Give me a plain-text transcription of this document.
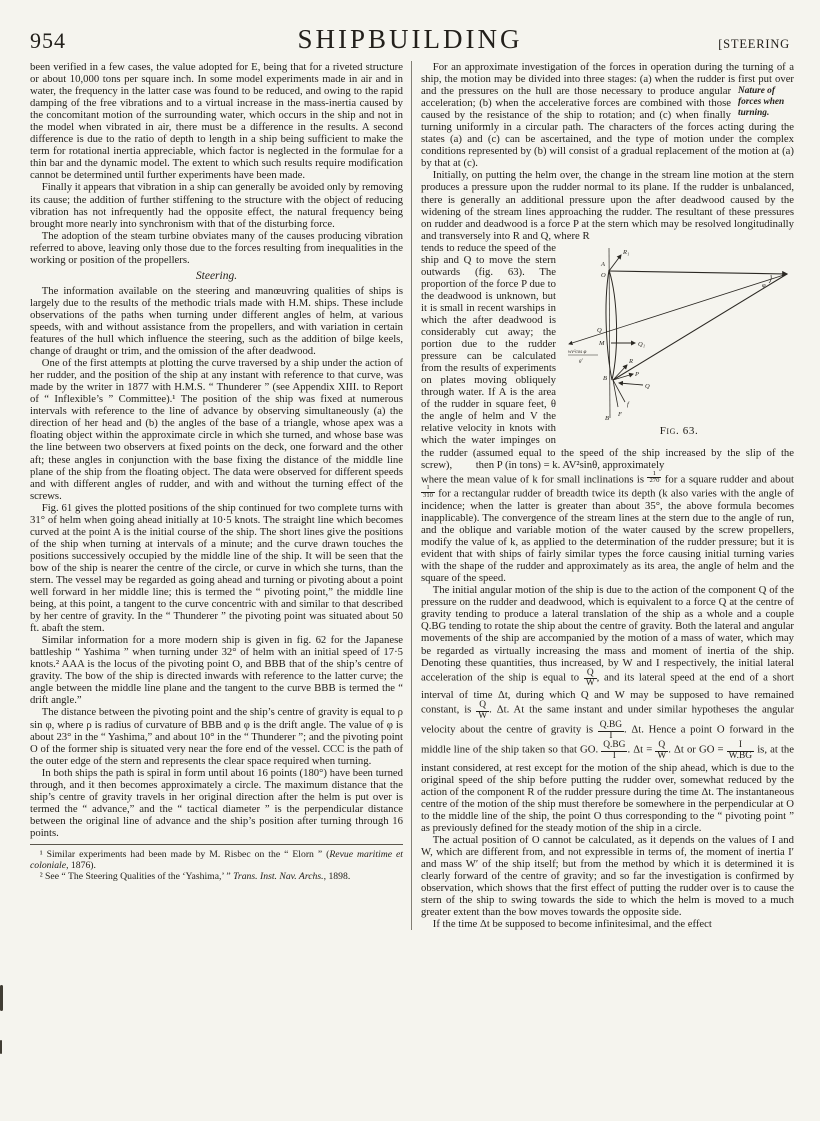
954	SHIPBUILDING	[STEERING

been verified in a few cases, the value adopted for E, being that for a riveted structure or about 10,000 tons per square inch. In some model experiments made in air and in water, the frequency in the latter case was found to be reduced, and owing to the rapid damping of the free vibrations and to a virtual increase in the mass-inertia caused by the concomitant motion of the surrounding water, which occurs in the ship and not in the model when vibrated in air, there must be a difference in the results. A second difference is due to the ratio of depth to length in a ship being sufficient to make the term for rotational inertia appreciable, which factor is neglected in the formulae for a thin bar and the dynamic model. The extent to which such results require modification cannot be determined until further experiments have been made.

Finally it appears that vibration in a ship can generally be avoided only by removing its cause; the addition of further stiffening to the structure with the object of reducing vibration has not infrequently had the opposite effect, the natural frequency being brought more nearly into synchronism with that of the disturbing force.

The adoption of the steam turbine obviates many of the causes producing vibration referred to above, leaving only those due to the forces resulting from inequalities in the working or position of the propellers.

Steering.

The information available on the steering and manœuvring qualities of ships is largely due to the results of the methodic trials made with H.M. ships. These include observations of the paths when turning under different angles of helm, at various speeds, with and without assistance from the propellers, and with variation in certain features of the hull which influence the steering, such as the addition of bilge keels, change of draught or trim, and the omission of the after deadwood.

One of the first attempts at plotting the curve traversed by a ship under the action of her rudder, and the position of the ship at any instant with reference to that curve, was made by the writer in 1877 with H.M.S. “ Thunderer ” (see Appendix XIII. to Report of “ Inflexible’s ” Committee).¹ The position of the ship was fixed at numerous intervals with reference to the line of advance by observing simultaneously (a) the direction of her head and (b) the angles of the base of a triangle, whose apex was a floating object within the approximate circle in which she turned, and whose base was the line between two observers at fixed points on the deck, one forward and the other aft; these angles in conjunction with the base fixing the distance of the middle line plane of the ship from the floating object. The data were observed for different speeds and with different angles of rudder, and with and without the turning effect of the screws.

Fig. 61 gives the plotted positions of the ship continued for two complete turns with 31° of helm when going ahead initially at 10·5 knots. The straight line which becomes curved at the point A is the initial course of the ship. The short lines give the positions of the ship when turning at intervals of a minute; and the curve drawn touches the positions successively occupied by the middle line of the ship. It will be seen that the bow of the ship is nearer the centre of the circle, or curve in which she turns, than the stern. The vessel may be regarded as going ahead and turning or pivoting about a point well forward in her middle line; this is termed the “ pivoting point,” the middle line being, at this point, a tangent to the curve concentric with and similar to that described by her centre of gravity. In the “ Thunderer ” the pivoting point was situated about 50 ft. abaft the stem.

Similar information for a more modern ship is given in fig. 62 for the Japanese battleship “ Yashima ” when turning under 32° of helm with an initial speed of 17·5 knots.² AAA is the locus of the pivoting point O, and BBB that of the ship’s centre of gravity. The bow of the ship is directed inwards with reference to the latter curve; the angle between the middle line plane and the tangent to the curve BBB is termed the “ drift angle.”

The distance between the pivoting point and the ship’s centre of gravity is equal to ρ sin φ, where ρ is radius of curvature of BBB and φ is the drift angle. The value of φ is about 23° in the “ Yashima,” and about 10° in the “ Thunderer ”; and the pivoting point O of the former ship is situated very near the fore end of the vessel. CCC is the path of the outer edge of the stern and represents the clear space required when turning.

In both ships the path is spiral in form until about 16 points (180°) have been turned through, and it then becomes approximately a circle. The maximum distance that the ship’s centre of gravity travels in her original direction after the helm is put over is termed the “ advance,” and the “ tactical diameter ” is the perpendicular distance between the original line of advance and the ship’s position after turning through 16 points.

¹ Similar experiments had been made by M. Risbec on the “ Elorn ” (Revue maritime et coloniale, 1876).

² See “ The Steering Qualities of the ‘Yashima,’ ” Trans. Inst. Nav. Archs., 1898.

For an approximate investigation of the forces in operation during the turning of a ship, the motion may be divided into three stages: (a) when the rudder is first put over and the pressures	Nature of forces when turning.
on the hull are those necessary to produce angular acceleration; (b) when the accelerative forces are combined with those caused by the resistance of the ship to rotation; and (c) when finally turning uniformly in a circular path. The characters of the forces acting during the states (a) and (c) can be ascertained, and the type of motion under the complex conditions represented by (b) will consist of a gradual replacement of the motion at (a) by that at (c).

Initially, on putting the helm over, the change in the stream line motion at the stern produces a pressure upon the rudder normal to its plane. If the rudder is unbalanced, there is generally an additional pressure upon the after deadwood caused by the widening of the stream lines approaching the rudder. The resultant of these pressures on rudder and deadwood is a force P at the stern which may be resolved longitudinally and transversely into R and Q, where R

wv²cos φ
g′
R₁
A
O
Q
M	Q₁
R
P
Q
B
f
F
B
φ
Fig. 63.

tends to reduce the speed of the ship and Q to move the stern outwards (fig. 63). The proportion of the force P due to the deadwood is unknown, but it is small in recent warships in which the after deadwood is considerably cut away; the portion due to the rudder pressure can be calculated from the results of experiments on plates moving obliquely through water. If A is the area of the rudder in square feet, θ the angle of helm and V the relative velocity in knots with which the water impinges on the rudder (assumed equal to the speed of the ship increased by the slip of the screw), then P (in tons) = k. AV²sinθ, approximately

where the mean value of k for small inclinations is $\frac{1}{270}$ for a square rudder and about
$\frac{1}{310}$ for a rectangular rudder of breadth twice its depth (k also varies with the angle of incidence; when the latter is greater than about 35°, the above formula becomes inapplicable). The convergence of the stream lines at the stern due to the angle of run, and the oblique and variable motion of the water caused by the screw propellers, modify the value of k, as applied to the determination of the rudder pressure; but it is evident that with ships of fairly similar types the force causing initial turning varies with the shape of the rudder and approximately as its area, the angle of helm and the square of the speed.

The initial angular motion of the ship is due to the action of the component Q of the pressure on the rudder and deadwood, which is equivalent to a force Q at the centre of gravity tending to produce a lateral translation of the ship as a whole and a couple Q.BG tending to rotate the ship about the centre of gravity. Both the lateral and angular movements of the ship are accompanied by the motion of a mass of water, which may be regarded as virtually increasing the mass and moment of inertia of the ship. Denoting these quantities, thus increased, by W and I respectively, the initial lateral acceleration of the ship is equal to $\frac{Q}{W}$ , and its lateral speed at the end of a short interval of time Δt, during which Q and W may be supposed to have remained constant, is $\frac{Q}{W}$ . Δt. At the same instant and under similar hypotheses the angular velocity about the centre of gravity is $\frac{Q.BG}{I}$ . Δt. Hence a point O forward in the middle line of the ship taken so that GO. $\frac{Q.BG}{I}$ . $\Delta t = \frac{Q}{W}$ . Δt or GO = $\frac{I}{W.BG}$ is, at the instant considered, at rest except for the motion of the ship ahead, which is due to the original speed of the ship before putting the rudder over, somewhat reduced by the action of the component R of the rudder pressure during the time Δt. The instantaneous centre of the motion of the ship must therefore be somewhere in the perpendicular at O to the middle line of the ship, the point O thus corresponding to the “ pivoting point ” as previously defined for the steady motion of the ship in a circle.

The actual position of O cannot be calculated, as it depends on the values of I and W, which are different from, and not expressible in terms of, the moment of inertia I′ and mass W′ of the ship itself; but from the method by which it is determined it is clearly forward of the centre of gravity; and so far the investigation is confirmed by observation, which shows that the first effect of putting the rudder over is to cause the stern of the ship to swing towards the side to which the helm is moved to a much greater extent than the bow moves towards the opposite side.

If the time Δt be supposed to become infinitesimal, and the effect
